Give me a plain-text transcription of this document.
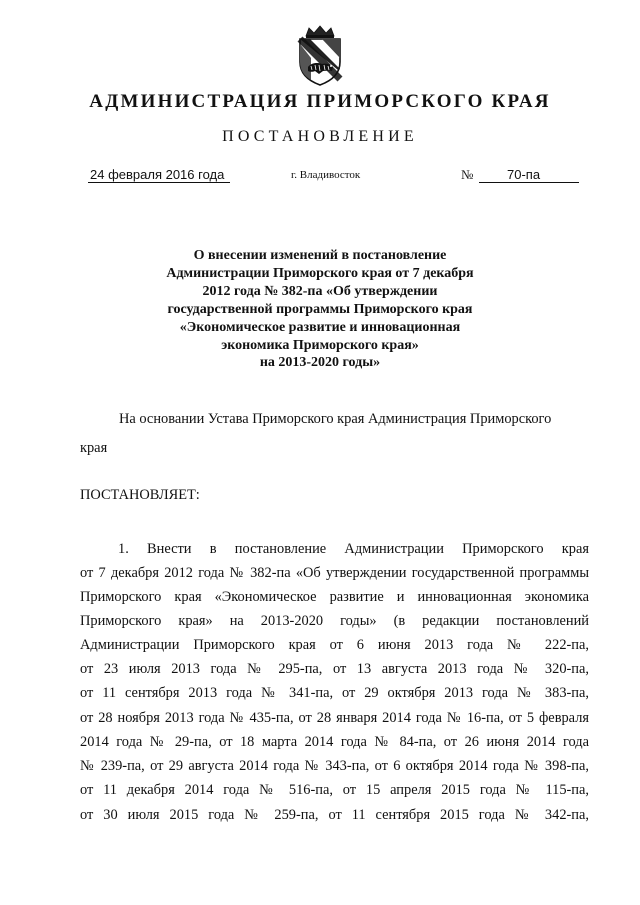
АДМИНИСТРАЦИЯ ПРИМОРСКОГО КРАЯ
ПОСТАНОВЛЕНИЕ
24 февраля 2016 года	г. Владивосток	№	70-па
О внесении изменений в постановление
Администрации Приморского края от 7 декабря
2012 года № 382-па «Об утверждении
государственной программы Приморского края
«Экономическое развитие и инновационная
экономика Приморского края»
на 2013-2020 годы»
На основании Устава Приморского края Администрация Приморского
края
ПОСТАНОВЛЯЕТ:
1. Внести в постановление Администрации Приморского края
от 7 декабря 2012 года № 382-па «Об утверждении государственной программы
Приморского края «Экономическое развитие и инновационная экономика
Приморского края» на 2013-2020 годы» (в редакции постановлений
Администрации Приморского края от 6 июня 2013 года № 222-па,
от 23 июля 2013 года № 295-па, от 13 августа 2013 года № 320-па,
от 11 сентября 2013 года № 341-па, от 29 октября 2013 года № 383-па,
от 28 ноября 2013 года № 435-па, от 28 января 2014 года № 16-па, от 5 февраля
2014 года № 29-па, от 18 марта 2014 года № 84-па, от 26 июня 2014 года
№ 239-па, от 29 августа 2014 года № 343-па, от 6 октября 2014 года № 398-па,
от 11 декабря 2014 года № 516-па, от 15 апреля 2015 года № 115-па,
от 30 июля 2015 года № 259-па, от 11 сентября 2015 года № 342-па,
